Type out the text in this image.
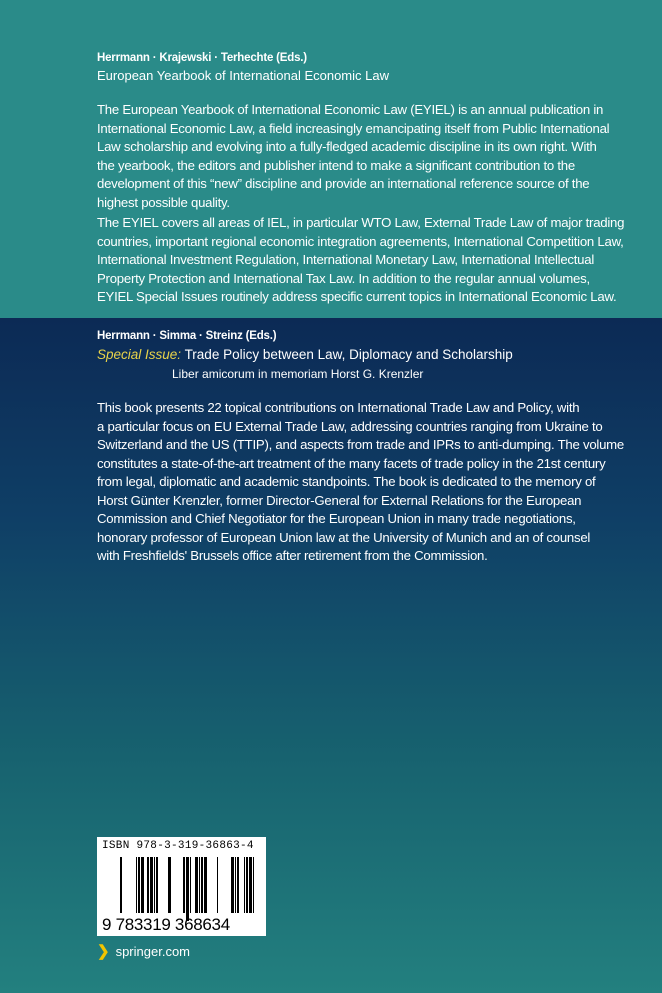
Herrmann · Krajewski · Terhechte (Eds.)
European Yearbook of International Economic Law
The European Yearbook of International Economic Law (EYIEL) is an annual publication in
International Economic Law, a field increasingly emancipating itself from Public International
Law scholarship and evolving into a fully-fledged academic discipline in its own right. With
the yearbook, the editors and publisher intend to make a significant contribution to the
development of this “new” discipline and provide an international reference source of the
highest possible quality.
The EYIEL covers all areas of IEL, in particular WTO Law, External Trade Law of major trading
countries, important regional economic integration agreements, International Competition Law,
International Investment Regulation, International Monetary Law, International Intellectual
Property Protection and International Tax Law. In addition to the regular annual volumes,
EYIEL Special Issues routinely address specific current topics in International Economic Law.
Herrmann · Simma · Streinz (Eds.)
Special Issue: Trade Policy between Law, Diplomacy and Scholarship
Liber amicorum in memoriam Horst G. Krenzler
This book presents 22 topical contributions on International Trade Law and Policy, with
a particular focus on EU External Trade Law, addressing countries ranging from Ukraine to
Switzerland and the US (TTIP), and aspects from trade and IPRs to anti-dumping. The volume
constitutes a state-of-the-art treatment of the many facets of trade policy in the 21st century
from legal, diplomatic and academic standpoints. The book is dedicated to the memory of
Horst Günter Krenzler, former Director-General for External Relations for the European
Commission and Chief Negotiator for the European Union in many trade negotiations,
honorary professor of European Union law at the University of Munich and an of counsel
with Freshfields' Brussels office after retirement from the Commission.
ISBN 978-3-319-36863-4
9 783319 368634
❯ springer.com
